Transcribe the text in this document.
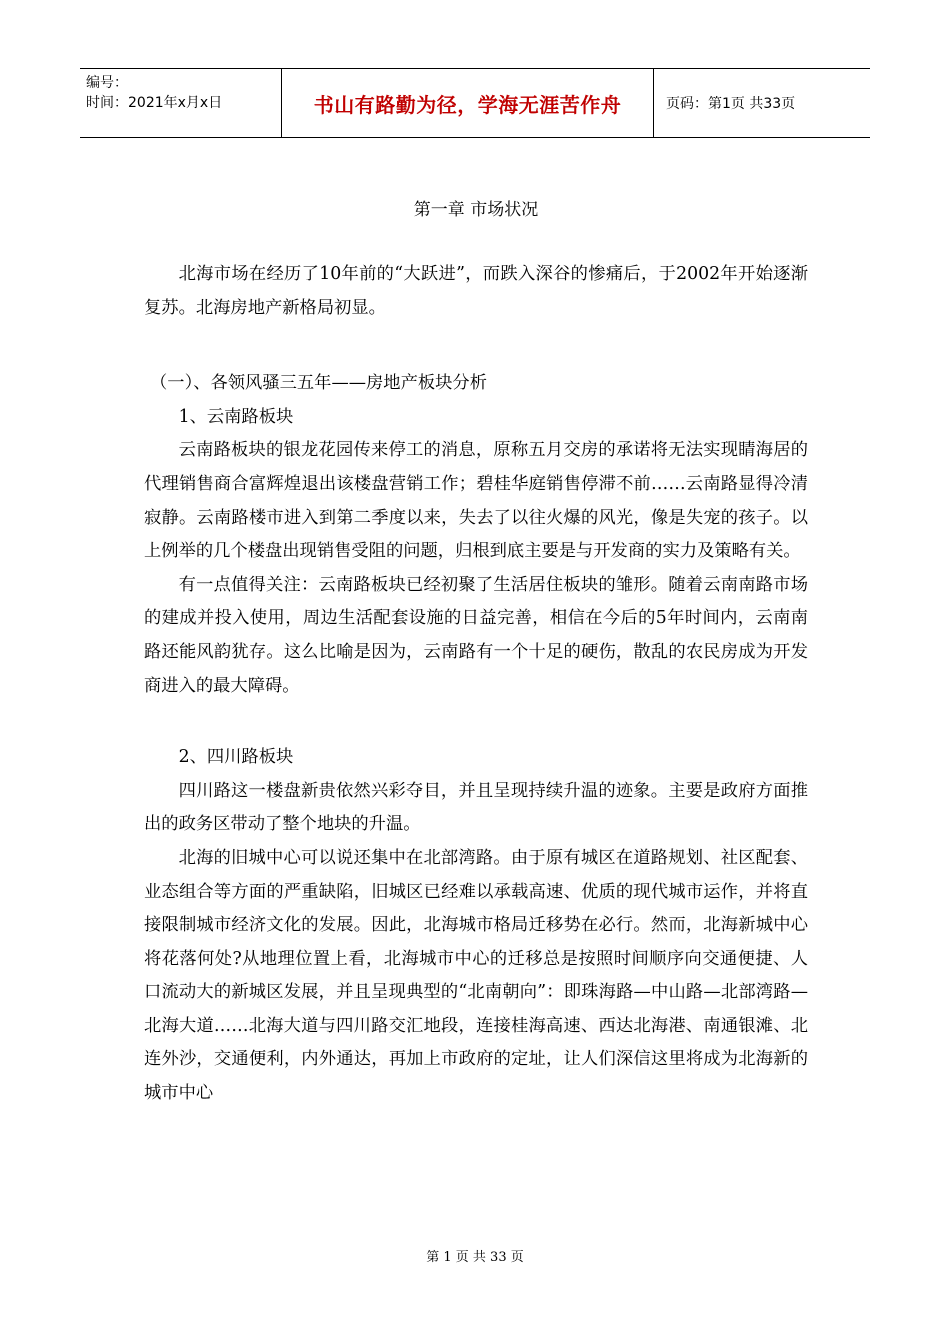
编号：
时间：2021年x月x日	书山有路勤为径，学海无涯苦作舟	页码：第1页 共33页
第一章 市场状况

北海市场在经历了10年前的“大跃进”，而跌入深谷的惨痛后，于2002年开始逐渐复苏。北海房地产新格局初显。

（一）、各领风骚三五年——房地产板块分析

1、云南路板块

云南路板块的银龙花园传来停工的消息，原称五月交房的承诺将无法实现睛海居的代理销售商合富辉煌退出该楼盘营销工作；碧桂华庭销售停滞不前……云南路显得冷清寂静。云南路楼市进入到第二季度以来，失去了以往火爆的风光，像是失宠的孩子。以上例举的几个楼盘出现销售受阻的问题，归根到底主要是与开发商的实力及策略有关。

有一点值得关注：云南路板块已经初聚了生活居住板块的雏形。随着云南南路市场的建成并投入使用，周边生活配套设施的日益完善，相信在今后的5年时间内，云南南路还能风韵犹存。这么比喻是因为，云南路有一个十足的硬伤，散乱的农民房成为开发商进入的最大障碍。

2、四川路板块

四川路这一楼盘新贵依然兴彩夺目，并且呈现持续升温的迹象。主要是政府方面推出的政务区带动了整个地块的升温。

北海的旧城中心可以说还集中在北部湾路。由于原有城区在道路规划、社区配套、业态组合等方面的严重缺陷，旧城区已经难以承载高速、优质的现代城市运作，并将直接限制城市经济文化的发展。因此，北海城市格局迁移势在必行。然而，北海新城中心将花落何处?从地理位置上看，北海城市中心的迁移总是按照时间顺序向交通便捷、人口流动大的新城区发展，并且呈现典型的“北南朝向”：即珠海路—中山路—北部湾路—北海大道……北海大道与四川路交汇地段，连接桂海高速、西达北海港、南通银滩、北连外沙，交通便利，内外通达，再加上市政府的定址，让人们深信这里将成为北海新的城市中心

第 1 页 共 33 页
